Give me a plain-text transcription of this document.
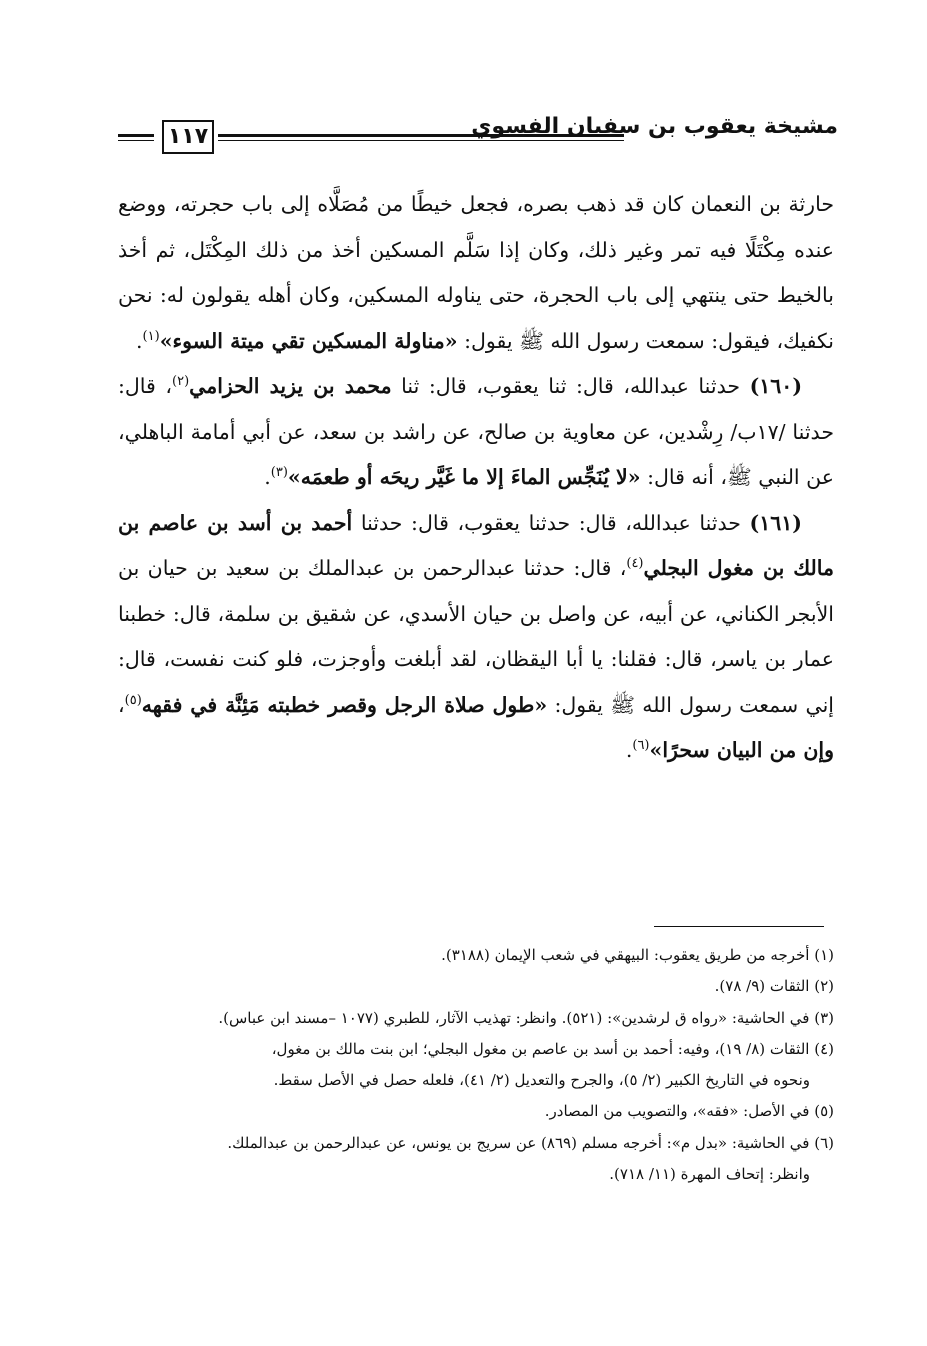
١١٧	مشيخة يعقوب بن سفيان الفسوي

حارثة بن النعمان كان قد ذهب بصره، فجعل خيطًا من مُصَلَّاه إلى باب حجرته، ووضع عنده مِكْتَلًا فيه تمر وغير ذلك، وكان إذا سَلَّم المسكين أخذ من ذلك المِكْتَل، ثم أخذ بالخيط حتى ينتهي إلى باب الحجرة، حتى يناوله المسكين، وكان أهله يقولون له: نحن نكفيك، فيقول: سمعت رسول الله ﷺ يقول: «مناولة المسكين تقي ميتة السوء»$^{(١)}$.

(١٦٠) حدثنا عبدالله، قال: ثنا يعقوب، قال: ثنا محمد بن يزيد الحزامي$^{(٢)}$، قال: حدثنا /١٧ب/ رِشْدين، عن معاوية بن صالح، عن راشد بن سعد، عن أبي أمامة الباهلي، عن النبي ﷺ، أنه قال: «لا يُنَجِّس الماءَ إلا ما غَيَّر ريحَه أو طعمَه»$^{(٣)}$.

(١٦١) حدثنا عبدالله، قال: حدثنا يعقوب، قال: حدثنا أحمد بن أسد بن عاصم بن مالك بن مغول البجلي$^{(٤)}$، قال: حدثنا عبدالرحمن بن عبدالملك بن سعيد بن حيان بن الأبجر الكناني، عن أبيه، عن واصل بن حيان الأسدي، عن شقيق بن سلمة، قال: خطبنا عمار بن ياسر، قال: فقلنا: يا أبا اليقظان، لقد أبلغت وأوجزت، فلو كنت نفست، قال: إني سمعت رسول الله ﷺ يقول: «طول صلاة الرجل وقصر خطبته مَئِنَّة في فقهه$^{(٥)}$، وإن من البيان سحرًا»$^{(٦)}$.

(١) أخرجه من طريق يعقوب: البيهقي في شعب الإيمان (٣١٨٨).
(٢) الثقات (٩/ ٧٨).
(٣) في الحاشية: «رواه ق لرشدين»: (٥٢١). وانظر: تهذيب الآثار، للطبري (١٠٧٧ –مسند ابن عباس).
(٤) الثقات (٨/ ١٩)، وفيه: أحمد بن أسد بن عاصم بن مغول البجلي؛ ابن بنت مالك بن مغول،
ونحوه في التاريخ الكبير (٢/ ٥)، والجرح والتعديل (٢/ ٤١)، فلعله حصل في الأصل سقط.
(٥) في الأصل: «فقه»، والتصويب من المصادر.
(٦) في الحاشية: «بدل م»: أخرجه مسلم (٨٦٩) عن سريج بن يونس، عن عبدالرحمن بن عبدالملك.
وانظر: إتحاف المهرة (١١/ ٧١٨).
